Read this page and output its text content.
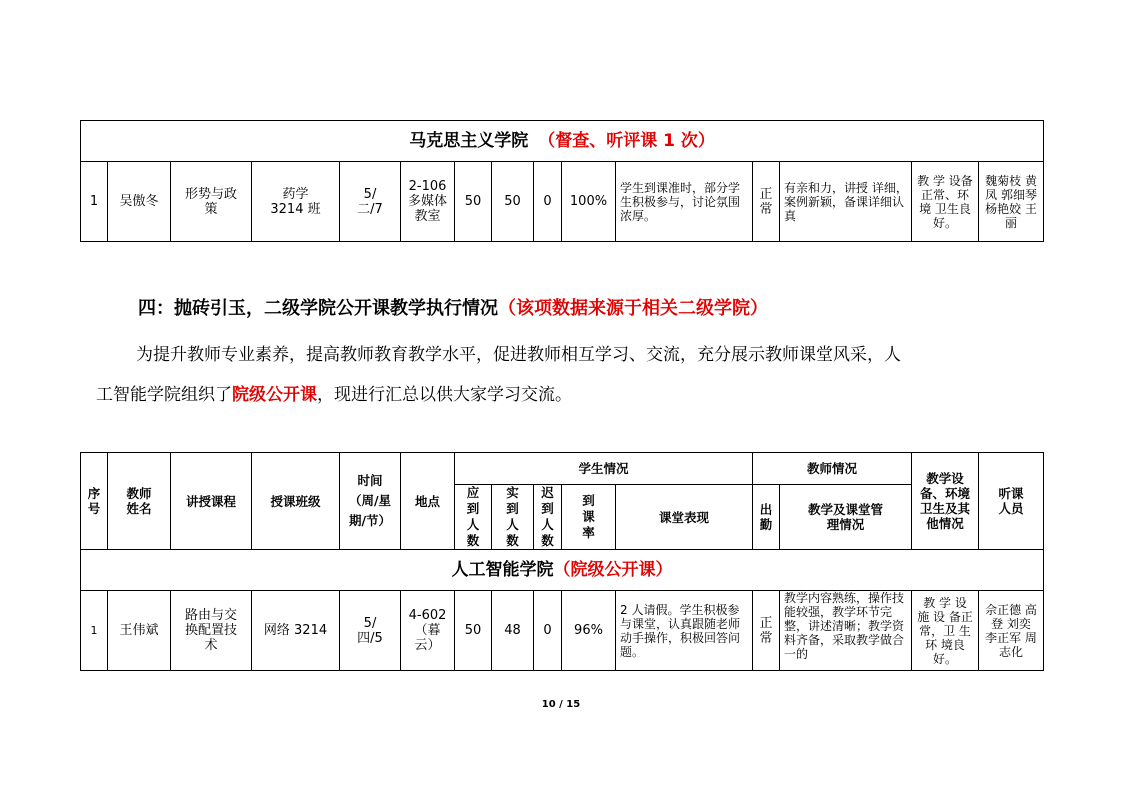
马克思主义学院 （督查、听评课 1 次）
1	吴傲冬	形势与政策	药学 3214 班	5/二/7	2-106 多媒体教室	50	50	0	100%	学生到课准时，部分学生积极参与，讨论氛围浓厚。	正常	有亲和力，讲授 详细，案例新颖，备课详细认真	教 学 设备正常、环 境 卫生良好。	魏菊枝 黄凤 郭细琴 杨艳姣 王丽
四：抛砖引玉，二级学院公开课教学执行情况（该项数据来源于相关二级学院）
为提升教师专业素养，提高教师教育教学水平，促进教师相互学习、交流，充分展示教师课堂风采，人
工智能学院组织了院级公开课，现进行汇总以供大家学习交流。
序号	教师姓名	讲授课程	授课班级	时间（周/星期/节）	地点	学生情况					教师情况		教学设备、环境卫生及其他情况	听课人员
						应到人数	实到人数	迟到人数	到课率	课堂表现	出勤	教学及课堂管理情况		
人工智能学院（院级公开课）														
1	王伟斌	路由与交换配置技术	网络 3214	5/四/5	4-602（暮云）	50	48	0	96%	2 人请假。学生积极参与课堂，认真跟随老师动手操作，积极回答问题。	正常	教学内容熟练，操作技能较强，教学环节完整，讲述清晰；教学资料齐备，采取教学做合一的	教 学 设 施 设 备正常，卫 生 环 境良好。	佘正德 高登 刘奕 李正军 周志化
10 / 15
